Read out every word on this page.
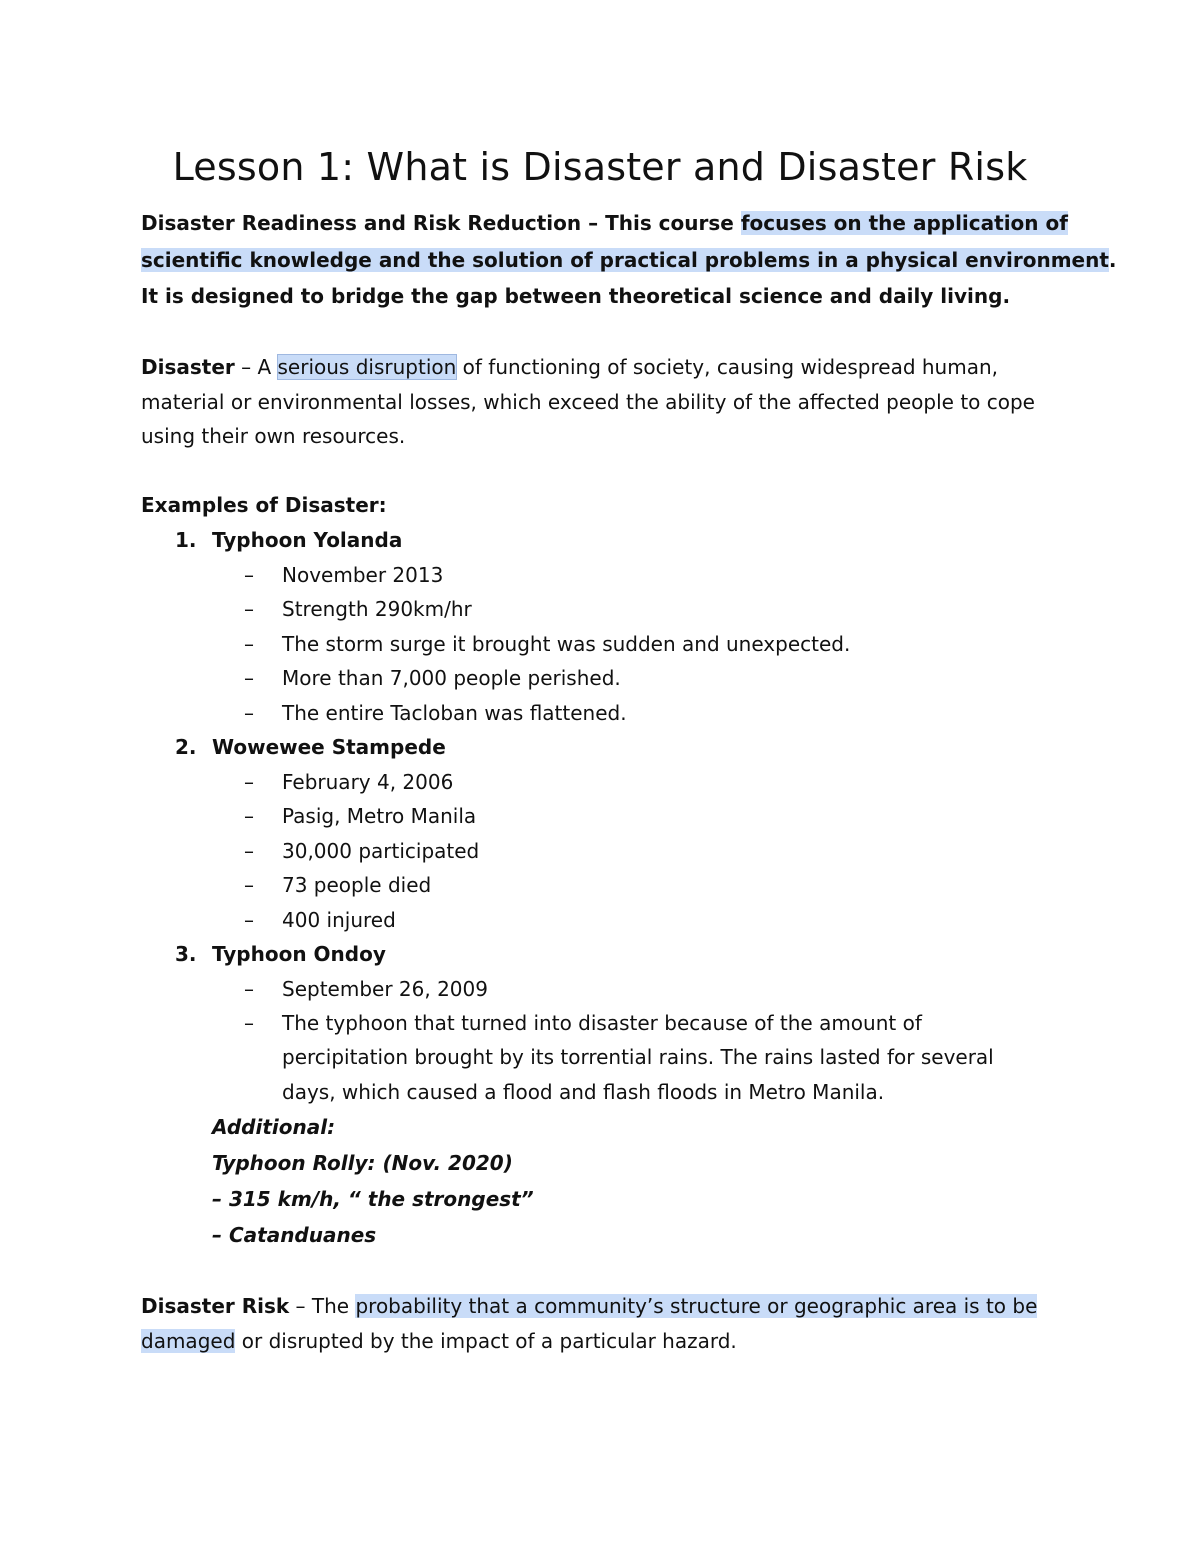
Lesson 1: What is Disaster and Disaster Risk
Disaster Readiness and Risk Reduction – This course focuses on the application of
scientific knowledge and the solution of practical problems in a physical environment.
It is designed to bridge the gap between theoretical science and daily living.
Disaster – A serious disruption of functioning of society, causing widespread human,
material or environmental losses, which exceed the ability of the affected people to cope
using their own resources.
Examples of Disaster:
1. Typhoon Yolanda
– November 2013
– Strength 290km/hr
– The storm surge it brought was sudden and unexpected.
– More than 7,000 people perished.
– The entire Tacloban was flattened.
2. Wowewee Stampede
– February 4, 2006
– Pasig, Metro Manila
– 30,000 participated
– 73 people died
– 400 injured
3. Typhoon Ondoy
– September 26, 2009
– The typhoon that turned into disaster because of the amount of
percipitation brought by its torrential rains. The rains lasted for several
days, which caused a flood and flash floods in Metro Manila.
Additional:
Typhoon Rolly: (Nov. 2020)
– 315 km/h, “ the strongest”
– Catanduanes
Disaster Risk – The probability that a community’s structure or geographic area is to be
damaged or disrupted by the impact of a particular hazard.
